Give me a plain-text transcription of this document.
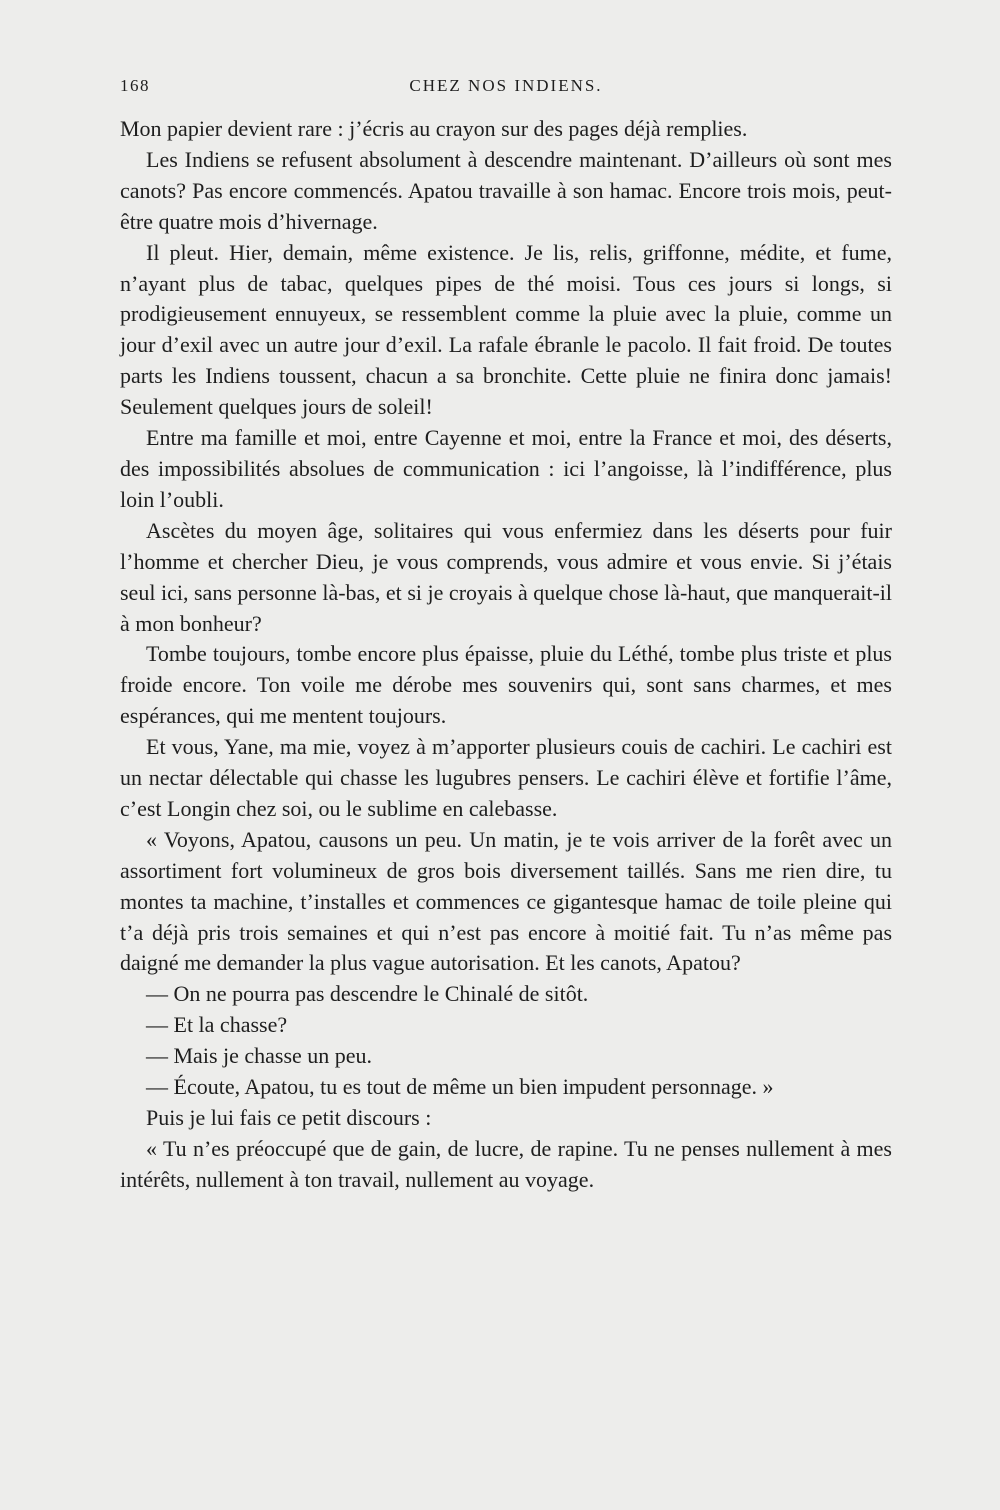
168	CHEZ NOS INDIENS.

Mon papier devient rare : j’écris au crayon sur des pages déjà remplies.

Les Indiens se refusent absolument à descendre maintenant. D’ailleurs où sont mes canots? Pas encore commencés. Apatou travaille à son hamac. Encore trois mois, peut-être quatre mois d’hivernage.

Il pleut. Hier, demain, même existence. Je lis, relis, griffonne, médite, et fume, n’ayant plus de tabac, quelques pipes de thé moisi. Tous ces jours si longs, si prodigieusement ennuyeux, se ressemblent comme la pluie avec la pluie, comme un jour d’exil avec un autre jour d’exil. La rafale ébranle le pacolo. Il fait froid. De toutes parts les Indiens toussent, chacun a sa bronchite. Cette pluie ne finira donc jamais! Seulement quelques jours de soleil!

Entre ma famille et moi, entre Cayenne et moi, entre la France et moi, des déserts, des impossibilités absolues de communication : ici l’angoisse, là l’indifférence, plus loin l’oubli.

Ascètes du moyen âge, solitaires qui vous enfermiez dans les déserts pour fuir l’homme et chercher Dieu, je vous comprends, vous admire et vous envie. Si j’étais seul ici, sans personne là-bas, et si je croyais à quelque chose là-haut, que manquerait-il à mon bonheur?

Tombe toujours, tombe encore plus épaisse, pluie du Léthé, tombe plus triste et plus froide encore. Ton voile me dérobe mes souvenirs qui, sont sans charmes, et mes espérances, qui me mentent toujours.

Et vous, Yane, ma mie, voyez à m’apporter plusieurs couis de cachiri. Le cachiri est un nectar délectable qui chasse les lugubres pensers. Le cachiri élève et fortifie l’âme, c’est Longin chez soi, ou le sublime en calebasse.

« Voyons, Apatou, causons un peu. Un matin, je te vois arriver de la forêt avec un assortiment fort volumineux de gros bois diversement taillés. Sans me rien dire, tu montes ta machine, t’installes et commences ce gigantesque hamac de toile pleine qui t’a déjà pris trois semaines et qui n’est pas encore à moitié fait. Tu n’as même pas daigné me demander la plus vague autorisation. Et les canots, Apatou?

— On ne pourra pas descendre le Chinalé de sitôt.

— Et la chasse?

— Mais je chasse un peu.

— Écoute, Apatou, tu es tout de même un bien impudent personnage. »

Puis je lui fais ce petit discours :

« Tu n’es préoccupé que de gain, de lucre, de rapine. Tu ne penses nullement à mes intérêts, nullement à ton travail, nullement au voyage.
